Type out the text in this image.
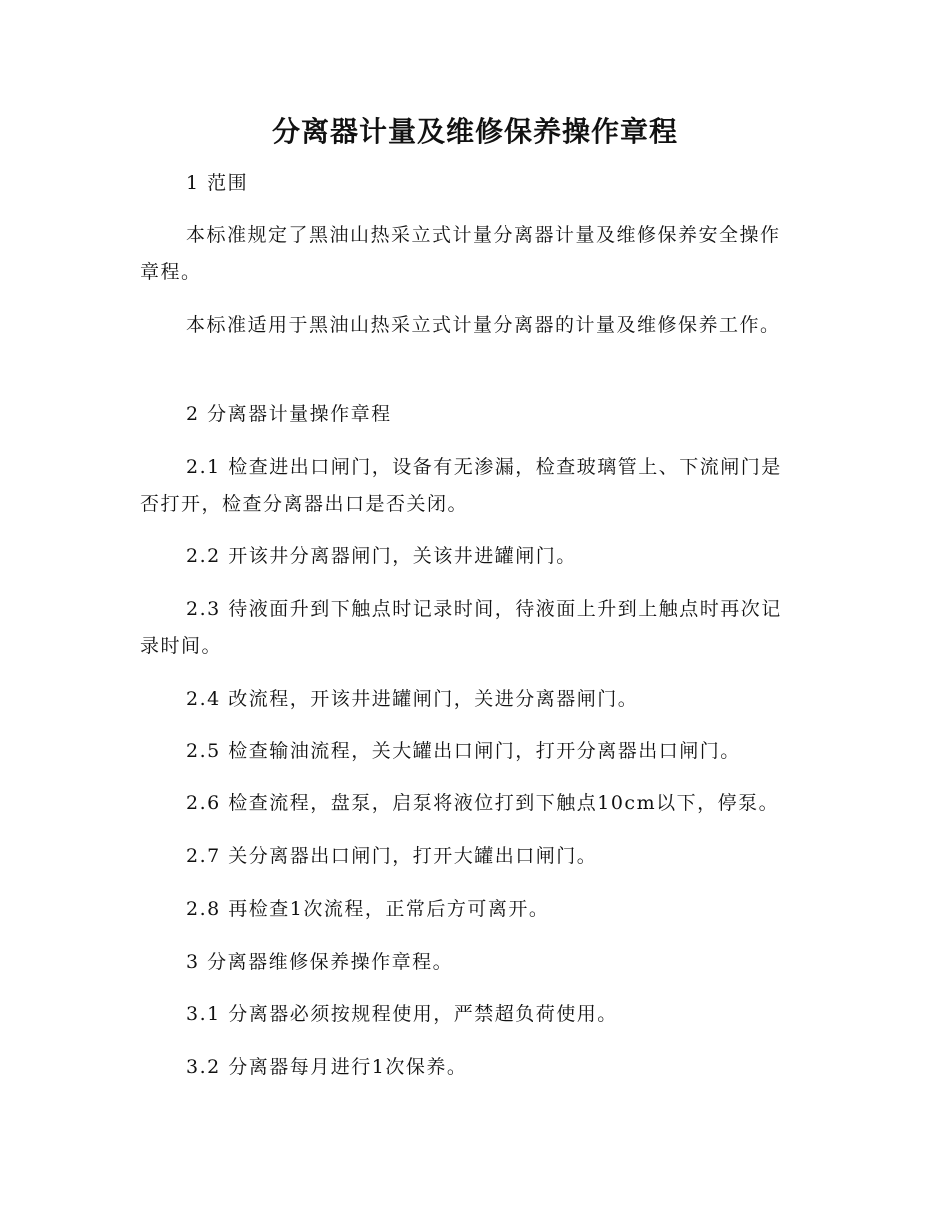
分离器计量及维修保养操作章程

1 范围

本标准规定了黑油山热采立式计量分离器计量及维修保养安全操作章程。

本标准适用于黑油山热采立式计量分离器的计量及维修保养工作。

2 分离器计量操作章程

2.1 检查进出口闸门，设备有无渗漏，检查玻璃管上、下流闸门是否打开，检查分离器出口是否关闭。

2.2 开该井分离器闸门，关该井进罐闸门。

2.3 待液面升到下触点时记录时间，待液面上升到上触点时再次记录时间。

2.4 改流程，开该井进罐闸门，关进分离器闸门。

2.5 检查输油流程，关大罐出口闸门，打开分离器出口闸门。

2.6 检查流程，盘泵，启泵将液位打到下触点10cm以下，停泵。

2.7 关分离器出口闸门，打开大罐出口闸门。

2.8 再检查1次流程，正常后方可离开。

3 分离器维修保养操作章程。

3.1 分离器必须按规程使用，严禁超负荷使用。

3.2 分离器每月进行1次保养。
